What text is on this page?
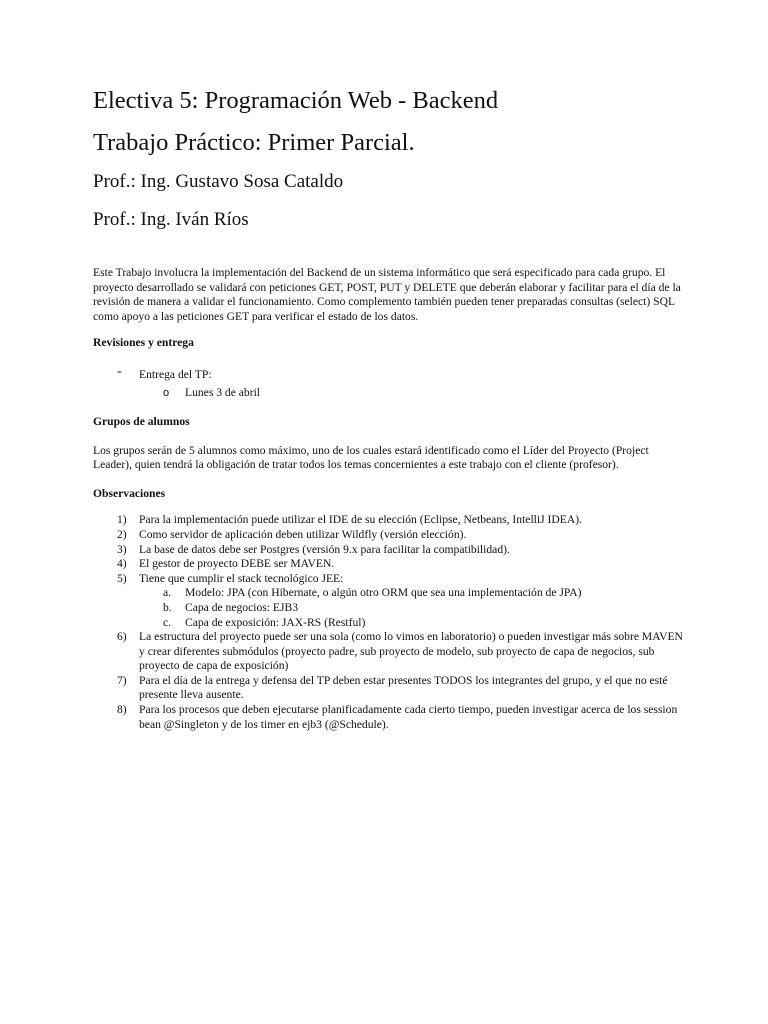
Electiva 5: Programación Web - Backend
Trabajo Práctico: Primer Parcial.
Prof.: Ing. Gustavo Sosa Cataldo
Prof.: Ing. Iván Ríos
Este Trabajo involucra la implementación del Backend de un sistema informático que será especificado para cada grupo. El proyecto desarrollado se validará con peticiones GET, POST, PUT y DELETE que deberán elaborar y facilitar para el día de la revisión de manera a validar el funcionamiento. Como complemento también pueden tener preparadas consultas (select) SQL como apoyo a las peticiones GET para verificar el estado de los datos.
Revisiones y entrega
- Entrega del TP:
o Lunes 3 de abril
Grupos de alumnos
Los grupos serán de 5 alumnos como máximo, uno de los cuales estará identificado como el Líder del Proyecto (Project Leader), quien tendrá la obligación de tratar todos los temas concernientes a este trabajo con el cliente (profesor).
Observaciones
1)	Para la implementación puede utilizar el IDE de su elección (Eclipse, Netbeans, IntelliJ IDEA).
2)	Como servidor de aplicación deben utilizar Wildfly (versión elección).
3)	La base de datos debe ser Postgres (versión 9.x para facilitar la compatibilidad).
4)	El gestor de proyecto DEBE ser MAVEN.
5)	Tiene que cumplir el stack tecnológico JEE:
a.	Modelo: JPA (con Hibernate, o algún otro ORM que sea una implementación de JPA)
b.	Capa de negocios: EJB3
c.	Capa de exposición: JAX-RS (Restful)
6)	La estructura del proyecto puede ser una sola (como lo vimos en laboratorio) o pueden investigar más sobre MAVEN y crear diferentes submódulos (proyecto padre, sub proyecto de modelo, sub proyecto de capa de negocios, sub proyecto de capa de exposición)
7)	Para el día de la entrega y defensa del TP deben estar presentes TODOS los integrantes del grupo, y el que no esté presente lleva ausente.
8)	Para los procesos que deben ejecutarse planificadamente cada cierto tiempo, pueden investigar acerca de los session bean @Singleton y de los timer en ejb3 (@Schedule).
